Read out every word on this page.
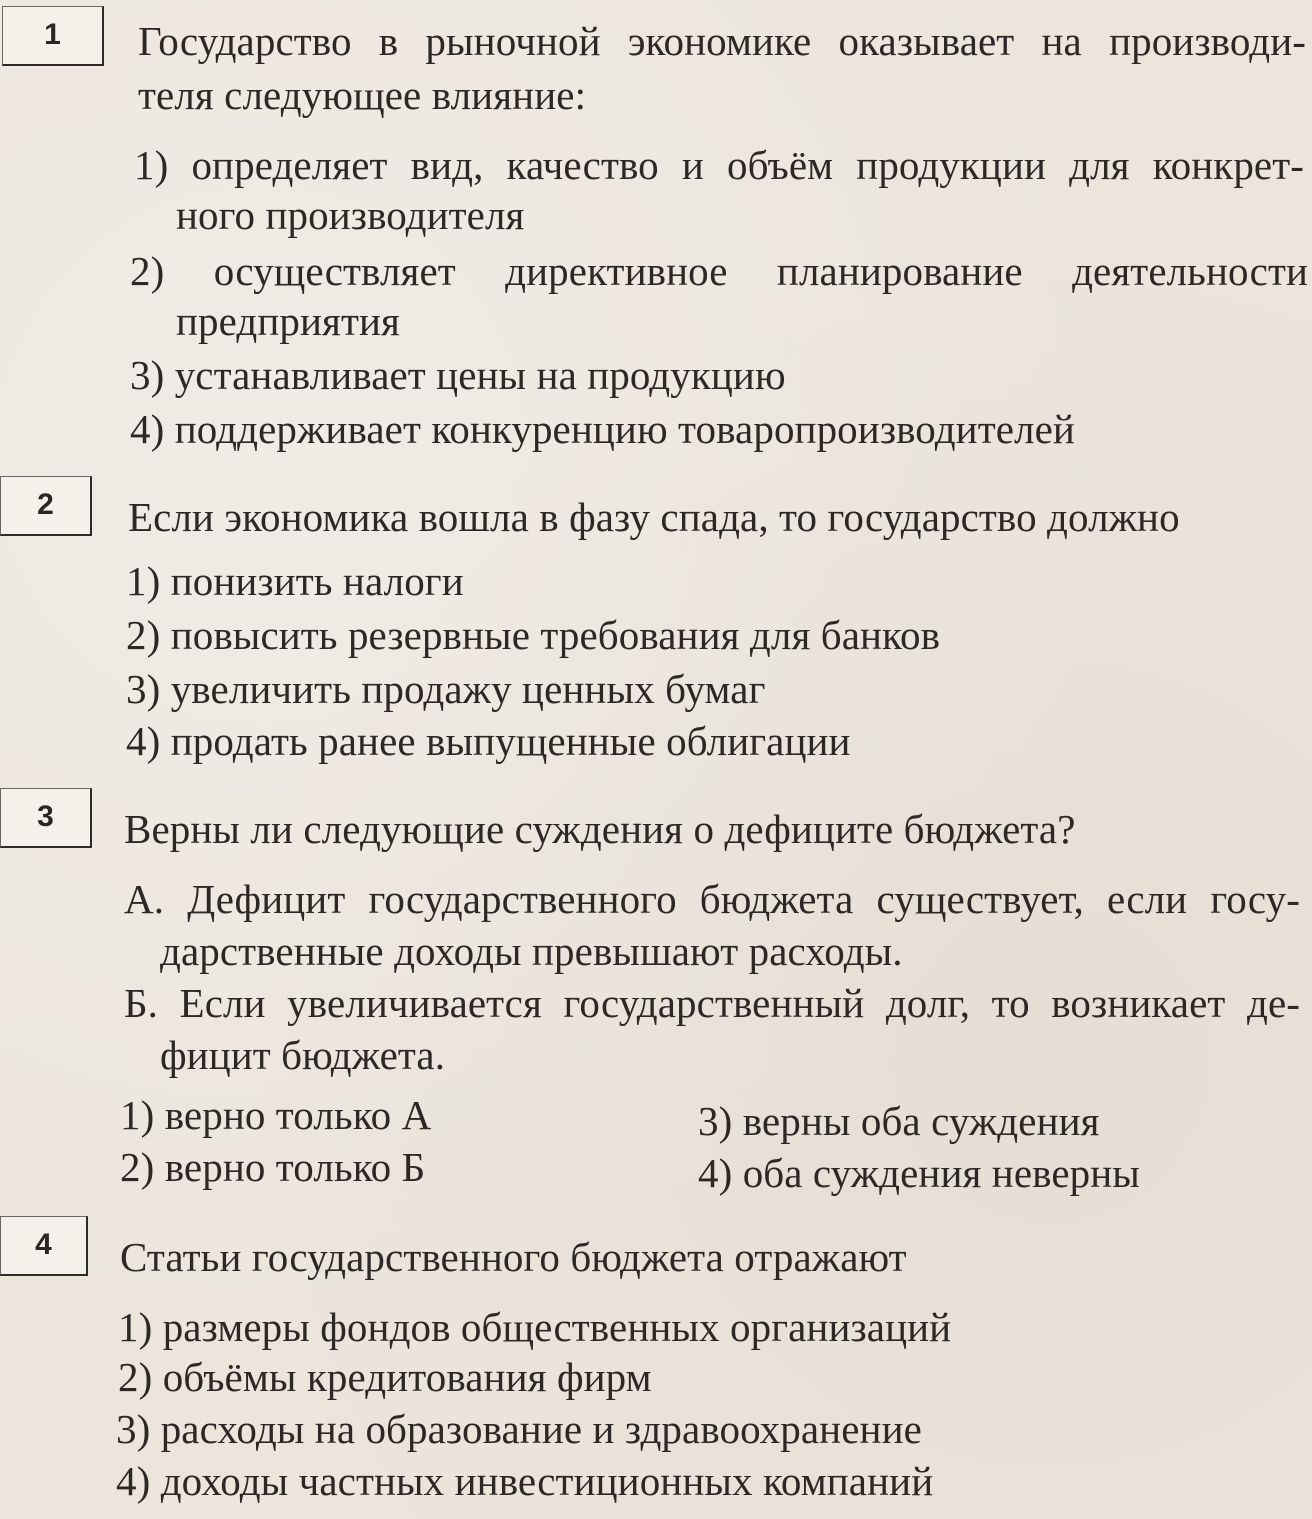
1	Государство в рыночной экономике оказывает на производи-
теля следующее влияние:
1) определяет вид, качество и объём продукции для конкрет-
ного производителя
2) осуществляет директивное планирование деятельности
предприятия
3) устанавливает цены на продукцию
4) поддерживает конкуренцию товаропроизводителей
2	Если экономика вошла в фазу спада, то государство должно
1) понизить налоги
2) повысить резервные требования для банков
3) увеличить продажу ценных бумаг
4) продать ранее выпущенные облигации
3	Верны ли следующие суждения о дефиците бюджета?
А. Дефицит государственного бюджета существует, если госу-
дарственные доходы превышают расходы.
Б. Если увеличивается государственный долг, то возникает де-
фицит бюджета.
1) верно только А
2) верно только Б
3) верны оба суждения
4) оба суждения неверны
4	Статьи государственного бюджета отражают
1) размеры фондов общественных организаций
2) объёмы кредитования фирм
3) расходы на образование и здравоохранение
4) доходы частных инвестиционных компаний
